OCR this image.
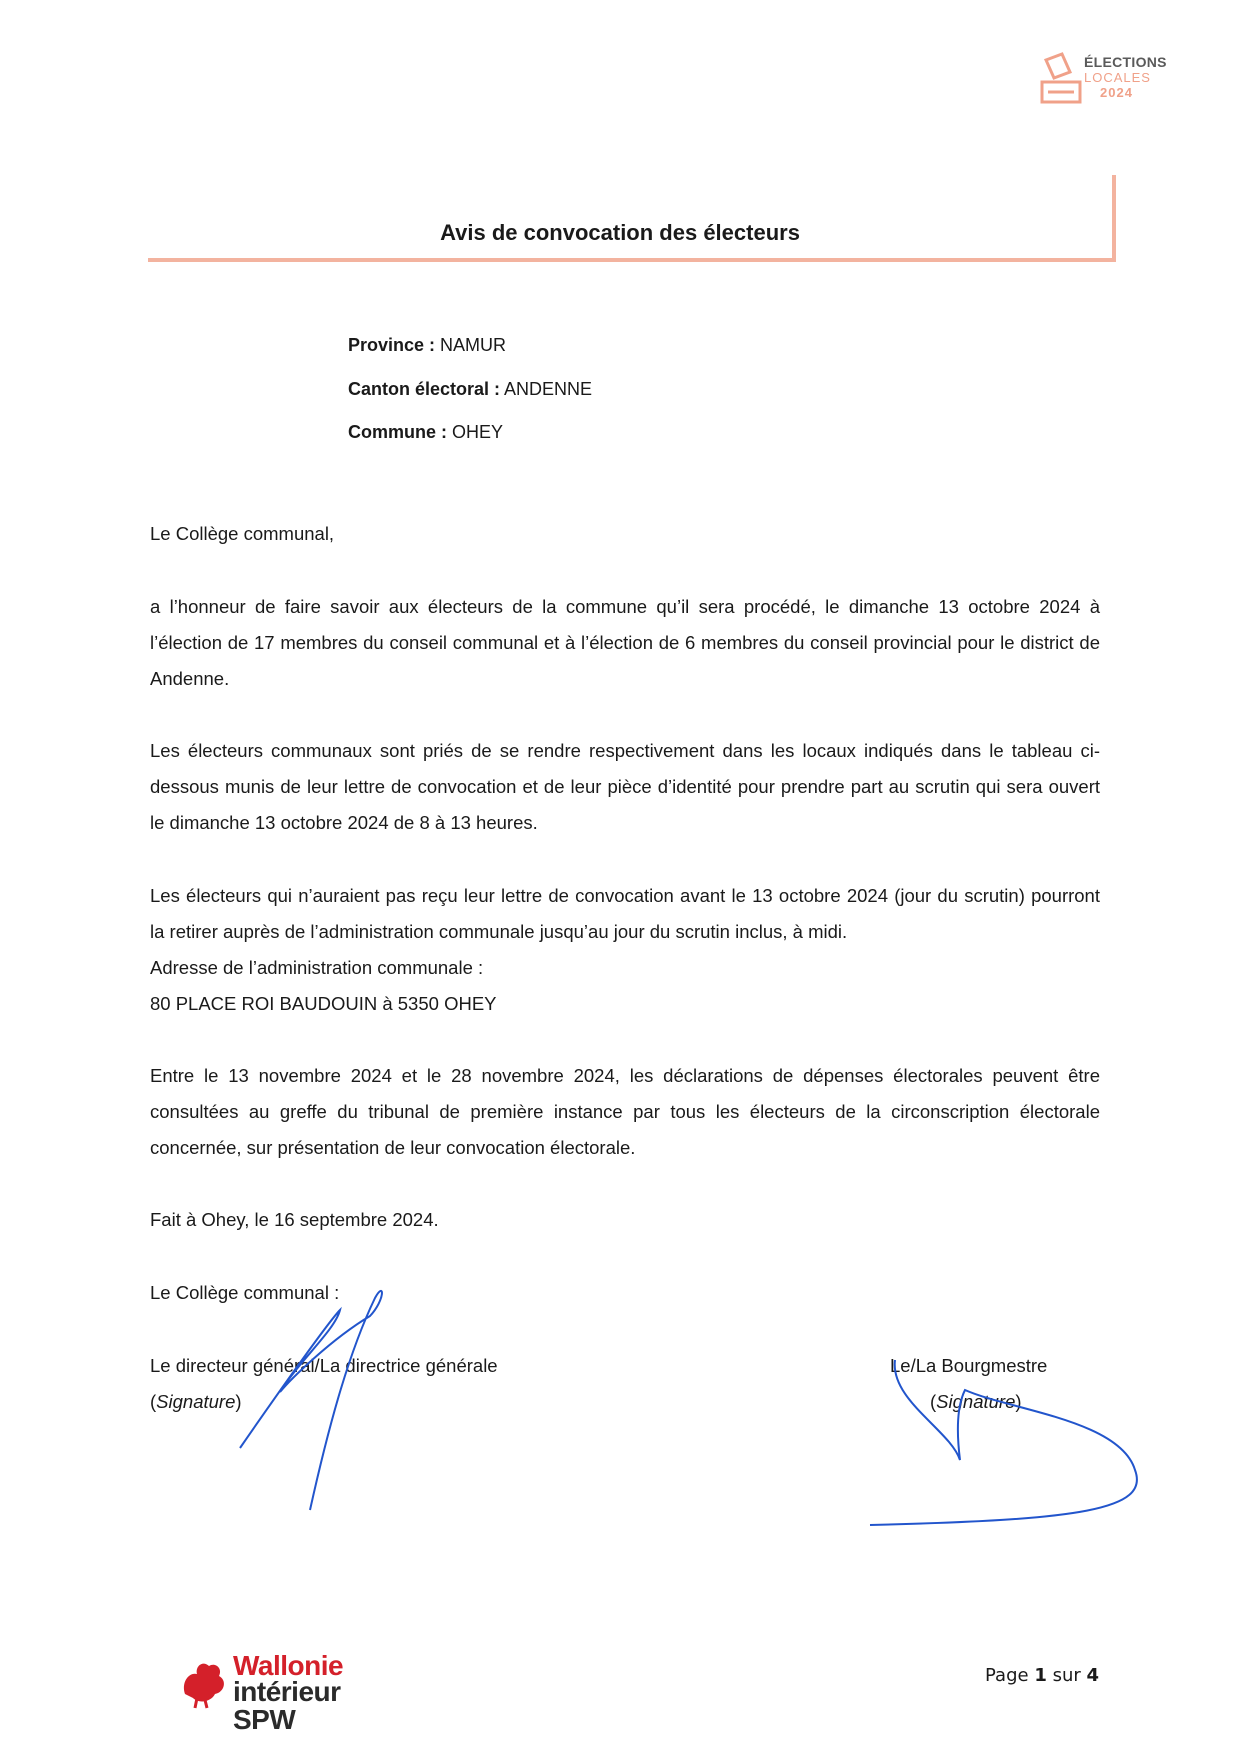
ÉLECTIONS
LOCALES
2024
Avis de convocation des électeurs
Province : NAMUR
Canton électoral : ANDENNE
Commune : OHEY
Le Collège communal,
a l’honneur de faire savoir aux électeurs de la commune qu’il sera procédé, le dimanche 13 octobre 2024 à l’élection de 17 membres du conseil communal et à l’élection de 6 membres du conseil provincial pour le district de Andenne.
Les électeurs communaux sont priés de se rendre respectivement dans les locaux indiqués dans le tableau ci-dessous munis de leur lettre de convocation et de leur pièce d’identité pour prendre part au scrutin qui sera ouvert le dimanche 13 octobre 2024 de 8 à 13 heures.
Les électeurs qui n’auraient pas reçu leur lettre de convocation avant le 13 octobre 2024 (jour du scrutin) pourront la retirer auprès de l’administration communale jusqu’au jour du scrutin inclus, à midi.
Adresse de l’administration communale :
80 PLACE ROI BAUDOUIN à 5350 OHEY
Entre le 13 novembre 2024 et le 28 novembre 2024, les déclarations de dépenses électorales peuvent être consultées au greffe du tribunal de première instance par tous les électeurs de la circonscription électorale concernée, sur présentation de leur convocation électorale.
Fait à Ohey, le 16 septembre 2024.
Le Collège communal :
Le directeur général/La directrice générale
(Signature)
Le/La Bourgmestre
(Signature)
Wallonie
intérieur
SPW
Page 1 sur 4
